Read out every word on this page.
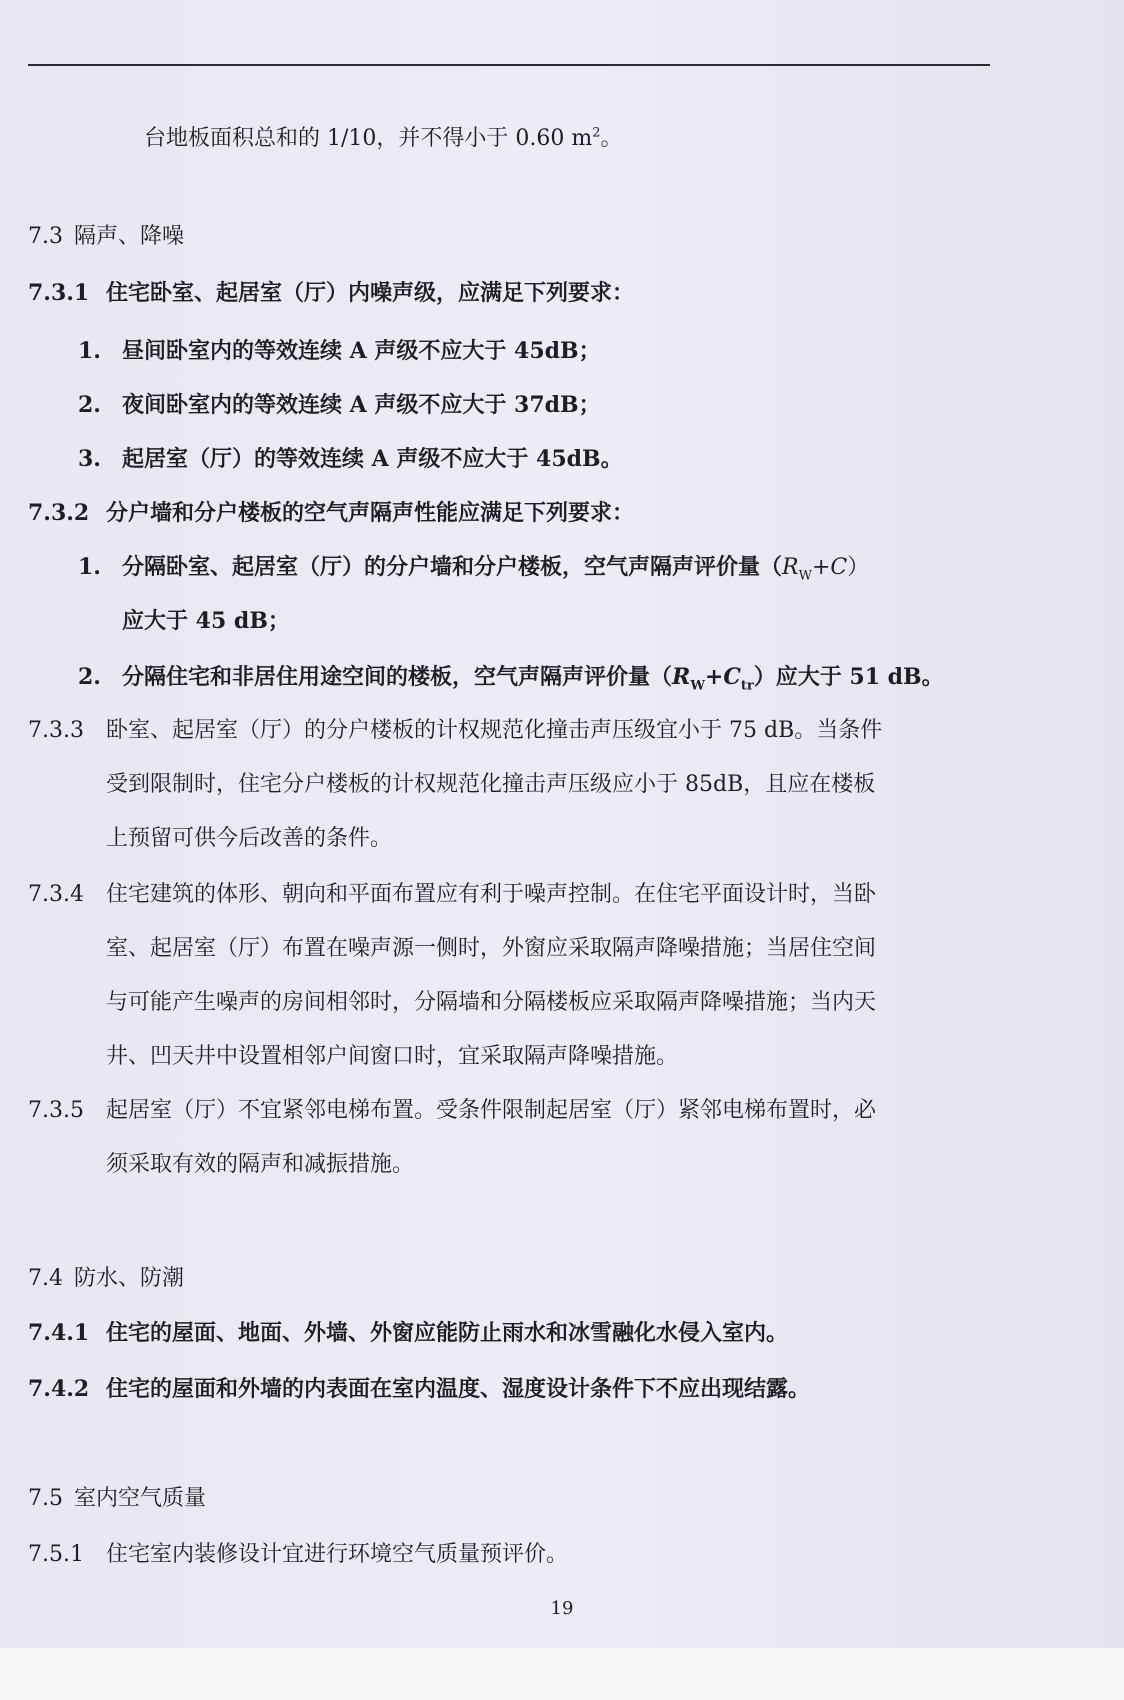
台地板面积总和的 1/10，并不得小于 0.60 $m^2$。
7.3 隔声、降噪
7.3.1 住宅卧室、起居室（厅）内噪声级，应满足下列要求：
1. 昼间卧室内的等效连续 A 声级不应大于 45dB；
2. 夜间卧室内的等效连续 A 声级不应大于 37dB；
3. 起居室（厅）的等效连续 A 声级不应大于 45dB。
7.3.2 分户墙和分户楼板的空气声隔声性能应满足下列要求：
1. 分隔卧室、起居室（厅）的分户墙和分户楼板，空气声隔声评价量$(R_W+C)$
应大于 45 dB；
2. 分隔住宅和非居住用途空间的楼板，空气声隔声评价量$(R_W+C_{tr})$应大于 51 dB。
7.3.3 卧室、起居室（厅）的分户楼板的计权规范化撞击声压级宜小于 75 dB。当条件
受到限制时，住宅分户楼板的计权规范化撞击声压级应小于 85dB，且应在楼板
上预留可供今后改善的条件。
7.3.4 住宅建筑的体形、朝向和平面布置应有利于噪声控制。在住宅平面设计时，当卧
室、起居室（厅）布置在噪声源一侧时，外窗应采取隔声降噪措施；当居住空间
与可能产生噪声的房间相邻时，分隔墙和分隔楼板应采取隔声降噪措施；当内天
井、凹天井中设置相邻户间窗口时，宜采取隔声降噪措施。
7.3.5 起居室（厅）不宜紧邻电梯布置。受条件限制起居室（厅）紧邻电梯布置时，必
须采取有效的隔声和减振措施。
7.4 防水、防潮
7.4.1 住宅的屋面、地面、外墙、外窗应能防止雨水和冰雪融化水侵入室内。
7.4.2 住宅的屋面和外墙的内表面在室内温度、湿度设计条件下不应出现结露。
7.5 室内空气质量
7.5.1 住宅室内装修设计宜进行环境空气质量预评价。
19
